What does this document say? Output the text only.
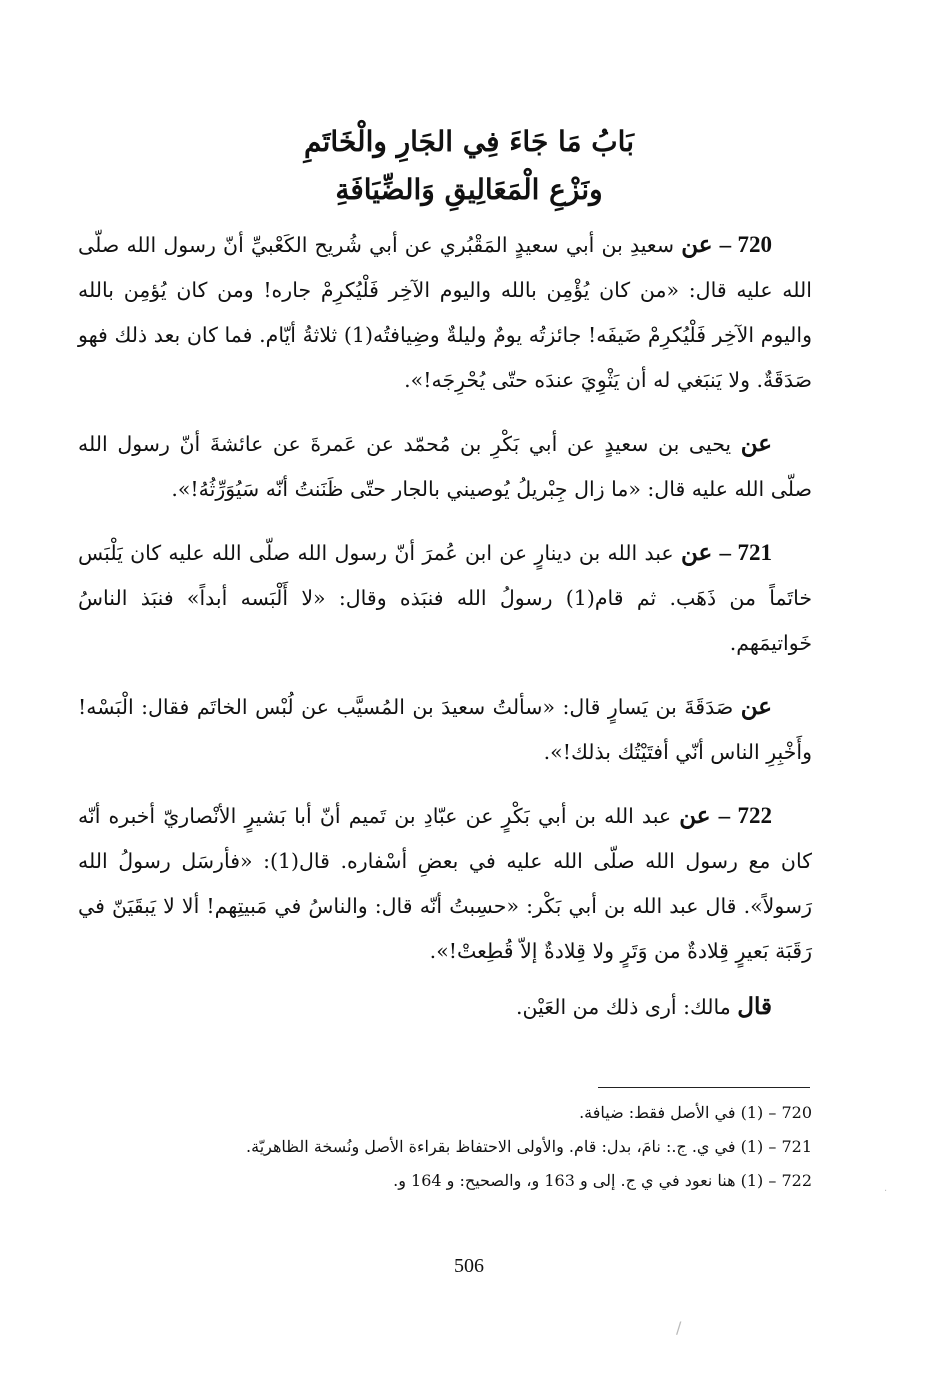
بَابُ مَا جَاءَ فِي الجَارِ والْخَاتَمِ
ونَزْعِ الْمَعَالِيقِ وَالضِّيَافَةِ

720 – عن سعيدِ بن أبي سعيدٍ المَقْبُري عن أبي شُريح الكَعْبيِّ أنّ رسول الله صلّى الله عليه قال: «من كان يُؤْمِن بالله واليوم الآخِر فَلْيُكرِمْ جاره! ومن كان يُؤمِن بالله واليوم الآخِر فَلْيُكرِمْ ضَيفَه! جائزتُه يومٌ وليلةٌ وضِيافتُه(1) ثلاثةُ أيّام. فما كان بعد ذلك فهو صَدَقَةٌ. ولا يَنبَغي له أن يَثْوِيَ عندَه حتّى يُحْرِجَه!».

عن يحيى بن سعيدٍ عن أبي بَكْرِ بن مُحمّد عن عَمرةَ عن عائشةَ أنّ رسول الله صلّى الله عليه قال: «ما زال جِبْريلُ يُوصيني بالجار حتّى ظَنَنتُ أنّه سَيُوَرِّثُهُ!».

721 – عن عبد الله بن دينارٍ عن ابن عُمرَ أنّ رسول الله صلّى الله عليه كان يَلْبَس خاتَماً من ذَهَب. ثم قام(1) رسولُ الله فنبَذه وقال: «لا أَلْبَسه أبداً» فنبَذ الناسُ خَواتيمَهم.

عن صَدَقَةَ بن يَسارٍ قال: «سألتُ سعيدَ بن المُسيَّب عن لُبْس الخاتَم فقال: الْبَسْه! وأَخْبِرِ الناس أنّي أفتَيْتُك بذلك!».

722 – عن عبد الله بن أبي بَكْرٍ عن عبّادِ بن تَميم أنّ أبا بَشيرٍ الأنْصاريّ أخبره أنّه كان مع رسول الله صلّى الله عليه في بعضِ أسْفاره. قال(1): «فأرسَل رسولُ الله رَسولاً». قال عبد الله بن أبي بَكْر: «حسِبتُ أنّه قال: والناسُ في مَبيتِهم! ألا لا يَبقَيَنّ في رَقَبَة بَعيرٍ قِلادةٌ من وَتَرٍ ولا قِلادةٌ إلاّ قُطِعتْ!».

قال مالك: أرى ذلك من العَيْن.

720 – (1) في الأصل فقط: ضيافة.

721 – (1) في ي. ج.: نامَ، بدل: قام. والأولى الاحتفاظ بقراءة الأصل ونُسخة الظاهريّة.

722 – (1) هنا نعود في ي ج. إلى و 163 و، والصحيح: و 164 و.

506
/
·
